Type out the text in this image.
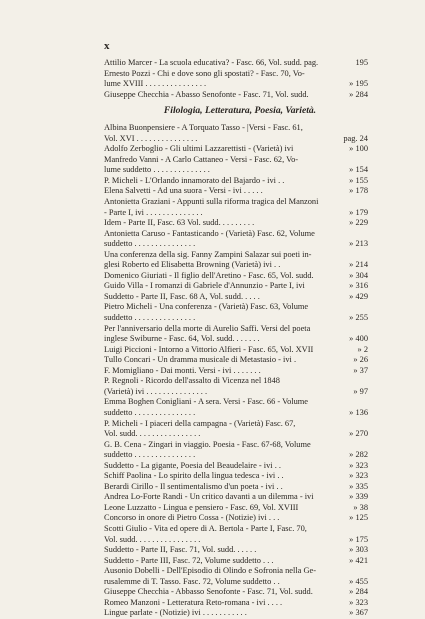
x
Attilio Marcer - La scuola educativa? - Fasc. 66, Vol. sudd. pag.	195
Ernesto Pozzi - Chi e dove sono gli spostati? - Fasc. 70, Vo-
lume XVIII . . . . . . . . . . . . . . .	» 195
Giuseppe Checchia - Abasso Senofonte - Fasc. 71, Vol. sudd.	» 284
Filologia, Letteratura, Poesia, Varietà.
Albina Buonpensiere - A Torquato Tasso - |Versi - Fasc. 61,
Vol. XVI . . . . . . . . . . . . . . .	pag. 24
Adolfo Zerboglio - Gli ultimi Lazzarettisti - (Varietà) ivi	» 100
Manfredo Vanni - A Carlo Cattaneo - Versi - Fasc. 62, Vo-
lume suddetto . . . . . . . . . . . . . .	» 154
P. Micheli - L'Orlando innamorato del Bajardo - ivi . .	» 155
Elena Salvetti - Ad una suora - Versi - ivi . . . . .	» 178
Antonietta Graziani - Appunti sulla riforma tragica del Manzoni
- Parte I, ivi . . . . . . . . . . . . . .	» 179
Idem - Parte II, Fasc. 63 Vol. sudd. . . . . . . . .	» 229
Antonietta Caruso - Fantasticando - (Varietà) Fasc. 62, Volume
suddetto . . . . . . . . . . . . . . .	» 213
Una conferenza della sig. Fanny Zampini Salazar sui poeti in-
glesi Roberto ed Elisabetta Browning (Varietà) ivi . .	» 214
Domenico Giuriati - Il figlio dell'Aretino - Fasc. 65, Vol. sudd.	» 304
Guido Villa - I romanzi di Gabriele d'Annunzio - Parte I, ivi	» 316
Suddetto - Parte II, Fasc. 68 A, Vol. sudd. . . . .	» 429
Pietro Micheli - Una conferenza - (Varietà) Fasc. 63, Volume
suddetto . . . . . . . . . . . . . . .	» 255
Per l'anniversario della morte di Aurelio Saffi. Versi del poeta
inglese Swiburne - Fasc. 64, Vol. sudd. . . . . . .	» 400
Luigi Piccioni - Intorno a Vittorio Alfieri - Fasc. 65, Vol. XVII	» 2
Tullo Concari - Un dramma musicale di Metastasio - ivi .	» 26
F. Momigliano - Dai monti. Versi - ivi . . . . . . .	» 37
P. Regnoli - Ricordo dell'assalto di Vicenza nel 1848
(Varietà) ivi . . . . . . . . . . . . . . .	» 97
Emma Boghen Conigliani - A sera. Versi - Fasc. 66 - Volume
suddetto . . . . . . . . . . . . . . .	» 136
P. Micheli - I piaceri della campagna - (Varietà) Fasc. 67,
Vol. sudd. . . . . . . . . . . . . . . .	» 270
G. B. Cena - Zingari in viaggio. Poesia - Fasc. 67-68, Volume
suddetto . . . . . . . . . . . . . . .	» 282
Suddetto - La gigante, Poesia del Beaudelaire - ivi . .	» 323
Schiff Paolina - Lo spirito della lingua tedesca - ivi . .	» 323
Berardi Cirillo - Il sentimentalismo d'un poeta - ivi . .	» 335
Andrea Lo-Forte Randi - Un critico davanti a un dilemma - ivi	» 339
Leone Luzzatto - Lingua e pensiero - Fasc. 69, Vol. XVIII	» 38
Concorso in onore di Pietro Cossa - (Notizie) ivi . . .	» 125
Scotti Giulio - Vita ed opere di A. Bertola - Parte I, Fasc. 70,
Vol. sudd. . . . . . . . . . . . . . . .	» 175
Suddetto - Parte II, Fasc. 71, Vol. sudd. . . . . .	» 303
Suddetto - Parte III, Fasc. 72, Volume suddetto . . .	» 421
Ausonio Dobelli - Dell'Episodio di Olindo e Sofronia nella Ge-
rusalemme di T. Tasso. Fasc. 72, Volume suddetto . .	» 455
Giuseppe Checchia - Abbasso Senofonte - Fasc. 71, Vol. sudd.	» 284
Romeo Manzoni - Letteratura Reto-romana - ivi . . . .	» 323
Lingue parlate - (Notizie) ivi . . . . . . . . . . .	» 367
